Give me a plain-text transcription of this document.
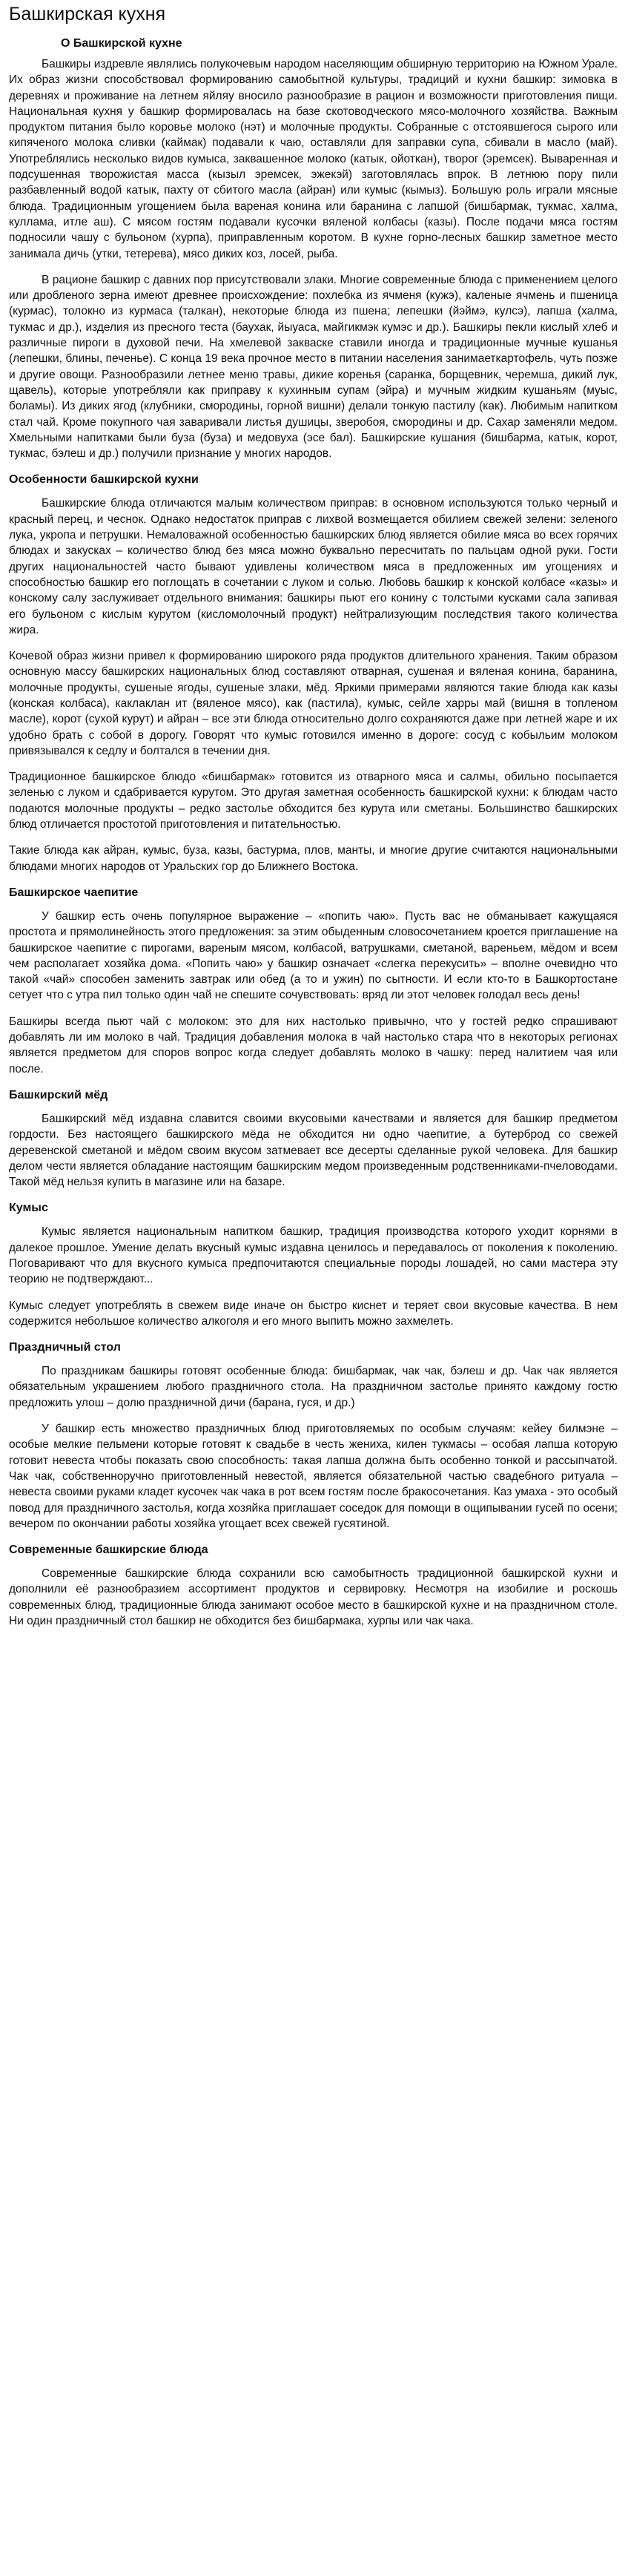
Башкирская кухня
О Башкирской кухне

Башкиры издревле являлись полукочевым народом населяющим обширную территорию на Южном Урале. Их образ жизни способствовал формированию самобытной культуры, традиций и кухни башкир: зимовка в деревнях и проживание на летнем яйляу вносило разнообразие в рацион и возможности приготовления пищи. Национальная кухня у башкир формировалась на базе скотоводческого мясо-молочного хозяйства. Важным продуктом питания было коровье молоко (нэт) и молочные продукты. Собранные с отстоявшегося сырого или кипяченого молока сливки (каймак) подавали к чаю, оставляли для заправки супа, сбивали в масло (май). Употреблялись несколько видов кумыса, заквашенное молоко (катык, ойоткан), творог (эремсек). Вываренная и подсушенная творожистая масса (кызыл эремсек, эжекэй) заготовлялась впрок. В летнюю пору пили разбавленный водой катык, пахту от сбитого масла (айран) или кумыс (кымыз). Большую роль играли мясные блюда. Традиционным угощением была вареная конина или баранина с лапшой (бишбармак, тукмас, халма, куллама, итле аш). С мясом гостям подавали кусочки вяленой колбасы (казы). После подачи мяса гостям подносили чашу с бульоном (хурпа), приправленным коротом. В кухне горно-лесных башкир заметное место занимала дичь (утки, тетерева), мясо диких коз, лосей, рыба.

В рационе башкир с давних пор присутствовали злаки. Многие современные блюда с применением целого или дробленого зерна имеют древнее происхождение: похлебка из ячменя (кужэ), каленые ячмень и пшеница (курмас), толокно из курмаса (талкан), некоторые блюда из пшена; лепешки (йэймэ, кулсэ), лапша (халма, тукмас и др.), изделия из пресного теста (баухак, йыуаса, майгикмэк кумэс и др.). Башкиры пекли кислый хлеб и различные пироги в духовой печи. На хмелевой закваске ставили иногда и традиционные мучные кушанья (лепешки, блины, печенье). С конца 19 века прочное место в питании населения занимаеткартофель, чуть позже и другие овощи. Разнообразили летнее меню травы, дикие коренья (саранка, борщевник, черемша, дикий лук, щавель), которые употребляли как приправу к кухинным супам (эйра) и мучным жидким кушаньям (муыс, боламы). Из диких ягод (клубники, смородины, горной вишни) делали тонкую пастилу (как). Любимым напитком стал чай. Кроме покупного чая заваривали листья душицы, зверобоя, смородины и др. Сахар заменяли медом. Хмельными напитками были буза (буза) и медовуха (эсе бал). Башкирские кушания (бишбарма, катык, корот, тукмас, бэлеш и др.) получили признание у многих народов.

Особенности башкирской кухни

Башкирские блюда отличаются малым количеством приправ: в основном используются только черный и красный перец, и чеснок. Однако недостаток приправ с лихвой возмещается обилием свежей зелени: зеленого лука, укропа и петрушки. Немаловажной особенностью башкирских блюд является обилие мяса во всех горячих блюдах и закусках – количество блюд без мяса можно буквально пересчитать по пальцам одной руки. Гости других национальностей часто бывают удивлены количеством мяса в предложенных им угощениях и способностью башкир его поглощать в сочетании с луком и солью. Любовь башкир к конской колбасе «казы» и конскому салу заслуживает отдельного внимания: башкиры пьют его конину с толстыми кусками сала запивая его бульоном с кислым курутом (кисломолочный продукт) нейтрализующим последствия такого количества жира.

Кочевой образ жизни привел к формированию широкого ряда продуктов длительного хранения. Таким образом основную массу башкирских национальных блюд составляют отварная, сушеная и вяленая конина, баранина, молочные продукты, сушеные ягоды, сушеные злаки, мёд. Яркими примерами являются такие блюда как казы (конская колбаса), каклаклан ит (вяленое мясо), как (пастила), кумыс, сейле харры май (вишня в топленом масле), корот (сухой курут) и айран – все эти блюда относительно долго сохраняются даже при летней жаре и их удобно брать с собой в дорогу. Говорят что кумыс готовился именно в дороге: сосуд с кобыльим молоком привязывался к седлу и болтался в течении дня.

Традиционное башкирское блюдо «бишбармак» готовится из отварного мяса и салмы, обильно посыпается зеленью с луком и сдабривается курутом. Это другая заметная особенность башкирской кухни: к блюдам часто подаются молочные продукты – редко застолье обходится без курута или сметаны. Большинство башкирских блюд отличается простотой приготовления и питательностью.

Такие блюда как айран, кумыс, буза, казы, бастурма, плов, манты, и многие другие считаются национальными блюдами многих народов от Уральских гор до Ближнего Востока.

Башкирское чаепитие

У башкир есть очень популярное выражение – «попить чаю». Пусть вас не обманывает кажущаяся простота и прямолинейность этого предложения: за этим обыденным словосочетанием кроется приглашение на башкирское чаепитие с пирогами, вареным мясом, колбасой, ватрушками, сметаной, вареньем, мёдом и всем чем располагает хозяйка дома. «Попить чаю» у башкир означает «слегка перекусить» – вполне очевидно что такой «чай» способен заменить завтрак или обед (а то и ужин) по сытности. И если кто-то в Башкортостане сетует что с утра пил только один чай не спешите сочувствовать: вряд ли этот человек голодал весь день!

Башкиры всегда пьют чай с молоком: это для них настолько привычно, что у гостей редко спрашивают добавлять ли им молоко в чай. Традиция добавления молока в чай настолько стара что в некоторых регионах является предметом для споров вопрос когда следует добавлять молоко в чашку: перед налитием чая или после.

Башкирский мёд

Башкирский мёд издавна славится своими вкусовыми качествами и является для башкир предметом гордости. Без настоящего башкирского мёда не обходится ни одно чаепитие, а бутерброд со свежей деревенской сметаной и мёдом своим вкусом затмевает все десерты сделанные рукой человека. Для башкир делом чести является обладание настоящим башкирским медом произведенным родственниками-пчеловодами. Такой мёд нельзя купить в магазине или на базаре.

Кумыс

Кумыс является национальным напитком башкир, традиция производства которого уходит корнями в далекое прошлое. Умение делать вкусный кумыс издавна ценилось и передавалось от поколения к поколению. Поговаривают что для вкусного кумыса предпочитаются специальные породы лошадей, но сами мастера эту теорию не подтверждают...

Кумыс следует употреблять в свежем виде иначе он быстро киснет и теряет свои вкусовые качества. В нем содержится небольшое количество алкоголя и его много выпить можно захмелеть.

Праздничный стол

По праздникам башкиры готовят особенные блюда: бишбармак, чак чак, бэлеш и др. Чак чак является обязательным украшением любого праздничного стола. На праздничном застолье принято каждому гостю предложить улош – долю праздничной дичи (барана, гуся, и др.)

У башкир есть множество праздничных блюд приготовляемых по особым случаям: кейеу билмэне – особые мелкие пельмени которые готовят к свадьбе в честь жениха, килен тукмасы – особая лапша которую готовит невеста чтобы показать свою способность: такая лапша должна быть особенно тонкой и рассыпчатой. Чак чак, собственноручно приготовленный невестой, является обязательной частью свадебного ритуала – невеста своими руками кладет кусочек чак чака в рот всем гостям после бракосочетания. Каз умаха - это особый повод для праздничного застолья, когда хозяйка приглашает соседок для помощи в ощипывании гусей по осени; вечером по окончании работы хозяйка угощает всех свежей гусятиной.

Современные башкирские блюда

Современные башкирские блюда сохранили всю самобытность традиционной башкирской кухни и дополнили её разнообразием ассортимент продуктов и сервировку. Несмотря на изобилие и роскошь современных блюд, традиционные блюда занимают особое место в башкирской кухне и на праздничном столе. Ни один праздничный стол башкир не обходится без бишбармака, хурпы или чак чака.
